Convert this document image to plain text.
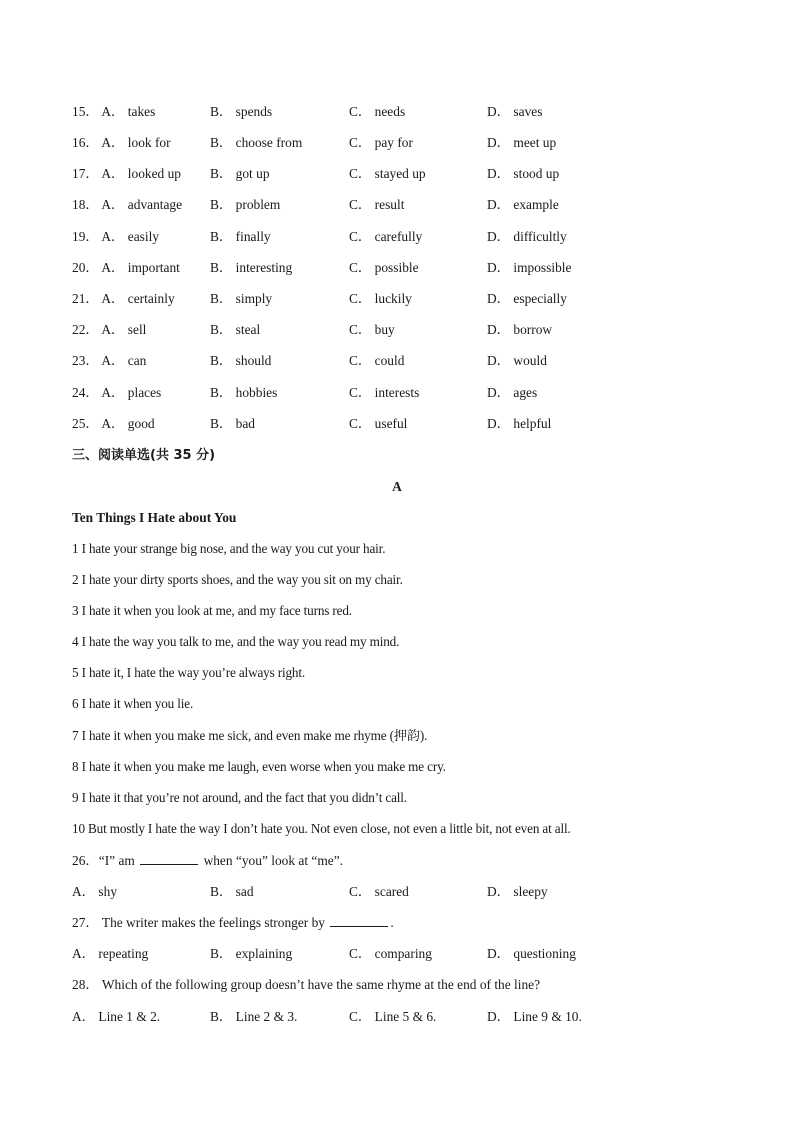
15． A． takes	B． spends	C． needs	D． saves
16． A． look for	B． choose from	C． pay for	D． meet up
17． A． looked up B． got up	C． stayed up	D． stood up
18． A． advantage B． problem	C． result	D． example
19． A． easily	B． finally	C． carefully	D． difficultly
20． A． important B． interesting	C． possible	D． impossible
21． A． certainly	B． simply	C． luckily	D． especially
22． A． sell	B． steal	C． buy	D． borrow
23． A． can	B． should	C． could	D． would
24． A． places	B． hobbies	C． interests	D． ages
25． A． good	B． bad	C． useful	D． helpful
三、阅读单选(共 35 分)
A
Ten Things I Hate about You
1 I hate your strange big nose, and the way you cut your hair.
2 I hate your dirty sports shoes, and the way you sit on my chair.
3 I hate it when you look at me, and my face turns red.
4 I hate the way you talk to me, and the way you read my mind.
5 I hate it, I hate the way you’re always right.
6 I hate it when you lie.
7 I hate it when you make me sick, and even make me rhyme (押韵).
8 I hate it when you make me laugh, even worse when you make me cry.
9 I hate it that you’re not around, and the fact that you didn’t call.
10 But mostly I hate the way I don’t hate you. Not even close, not even a little bit, not even at all.
26．“I” am	when “you” look at “me”.
A． shy	B． sad	C． scared	D． sleepy
27． The writer makes the feelings stronger by	.
A． repeating	B． explaining	C． comparing	D． questioning
28． Which of the following group doesn’t have the same rhyme at the end of the line?
A． Line 1 & 2.	B． Line 2 & 3.	C． Line 5 & 6.	D． Line 9 & 10.
